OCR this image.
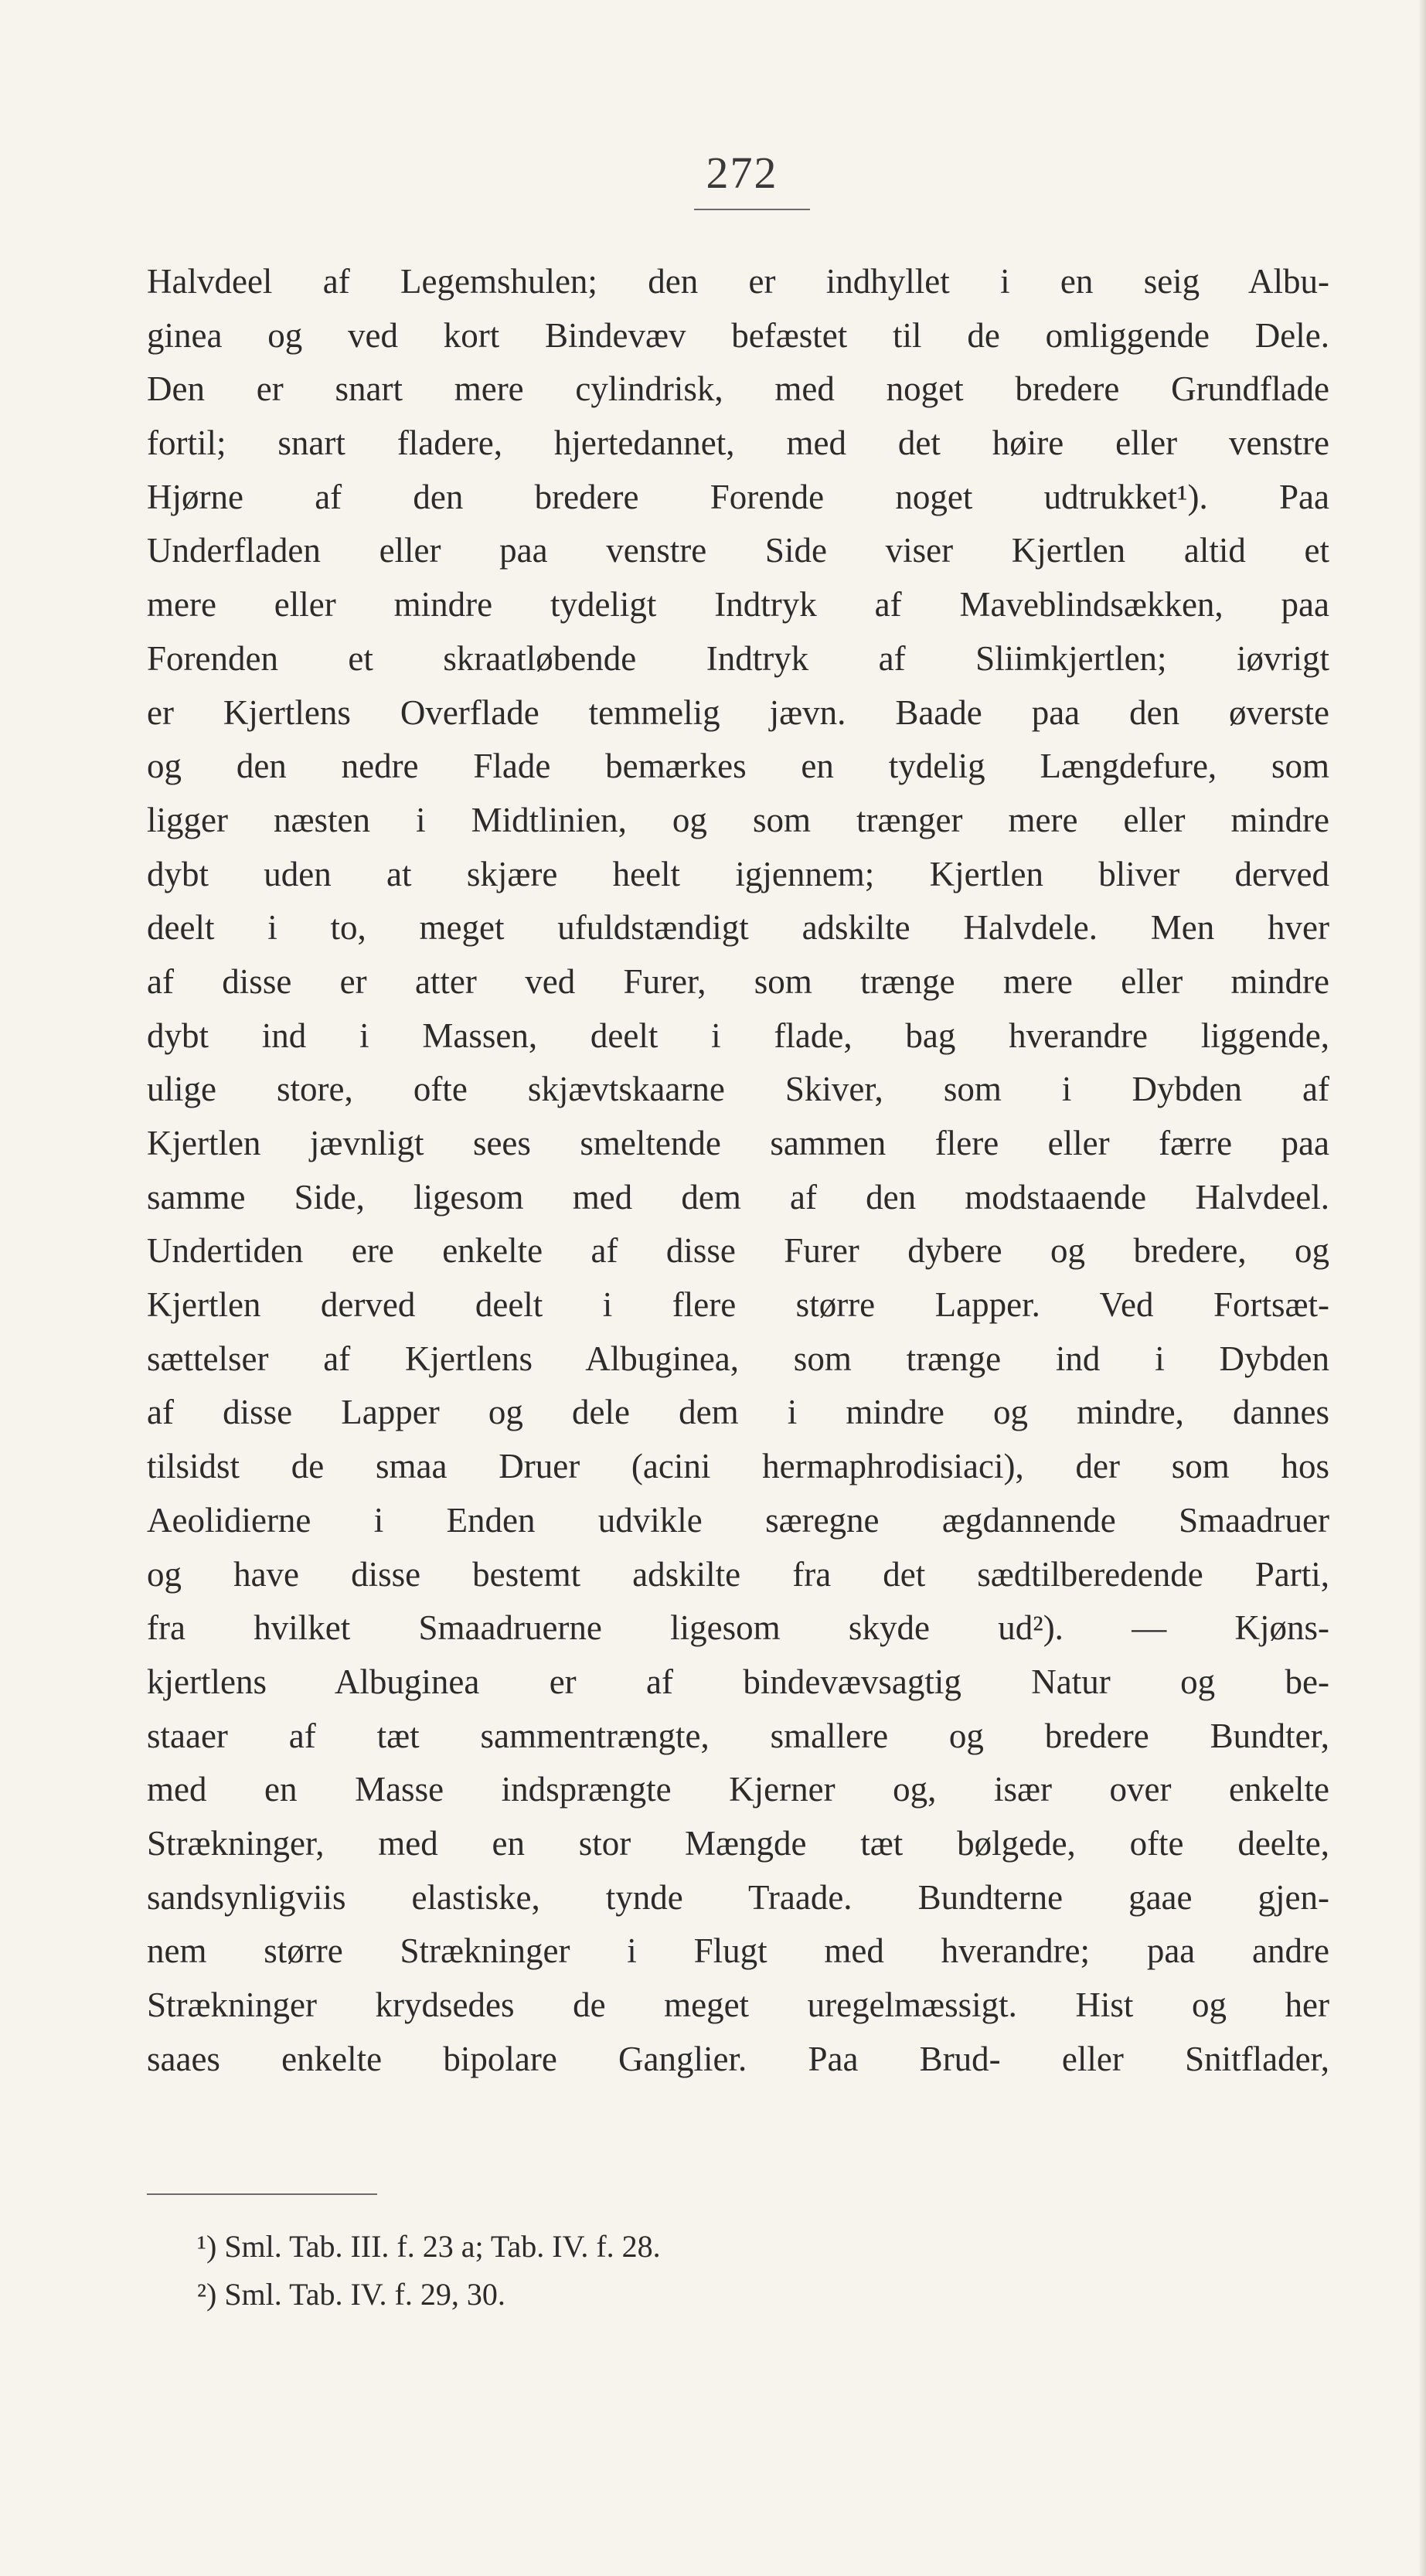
272
Halvdeel af Legemshulen; den er indhyllet i en seig Albu-
ginea og ved kort Bindevæv befæstet til de omliggende Dele.
Den er snart mere cylindrisk, med noget bredere Grundflade
fortil; snart fladere, hjertedannet, med det høire eller venstre
Hjørne af den bredere Forende noget udtrukket¹). Paa
Underfladen eller paa venstre Side viser Kjertlen altid et
mere eller mindre tydeligt Indtryk af Maveblindsækken, paa
Forenden et skraatløbende Indtryk af Sliimkjertlen; iøvrigt
er Kjertlens Overflade temmelig jævn. Baade paa den øverste
og den nedre Flade bemærkes en tydelig Længdefure, som
ligger næsten i Midtlinien, og som trænger mere eller mindre
dybt uden at skjære heelt igjennem; Kjertlen bliver derved
deelt i to, meget ufuldstændigt adskilte Halvdele. Men hver
af disse er atter ved Furer, som trænge mere eller mindre
dybt ind i Massen, deelt i flade, bag hverandre liggende,
ulige store, ofte skjævtskaarne Skiver, som i Dybden af
Kjertlen jævnligt sees smeltende sammen flere eller færre paa
samme Side, ligesom med dem af den modstaaende Halvdeel.
Undertiden ere enkelte af disse Furer dybere og bredere, og
Kjertlen derved deelt i flere større Lapper. Ved Fortsæt-
sættelser af Kjertlens Albuginea, som trænge ind i Dybden
af disse Lapper og dele dem i mindre og mindre, dannes
tilsidst de smaa Druer (acini hermaphrodisiaci), der som hos
Aeolidierne i Enden udvikle særegne ægdannende Smaadruer
og have disse bestemt adskilte fra det sædtilberedende Parti,
fra hvilket Smaadruerne ligesom skyde ud²). — Kjøns-
kjertlens Albuginea er af bindevævsagtig Natur og be-
staaer af tæt sammentrængte, smallere og bredere Bundter,
med en Masse indsprængte Kjerner og, især over enkelte
Strækninger, med en stor Mængde tæt bølgede, ofte deelte,
sandsynligviis elastiske, tynde Traade. Bundterne gaae gjen-
nem større Strækninger i Flugt med hverandre; paa andre
Strækninger krydsedes de meget uregelmæssigt. Hist og her
saaes enkelte bipolare Ganglier. Paa Brud- eller Snitflader,
¹) Sml. Tab. III. f. 23 a; Tab. IV. f. 28.
²) Sml. Tab. IV. f. 29, 30.
